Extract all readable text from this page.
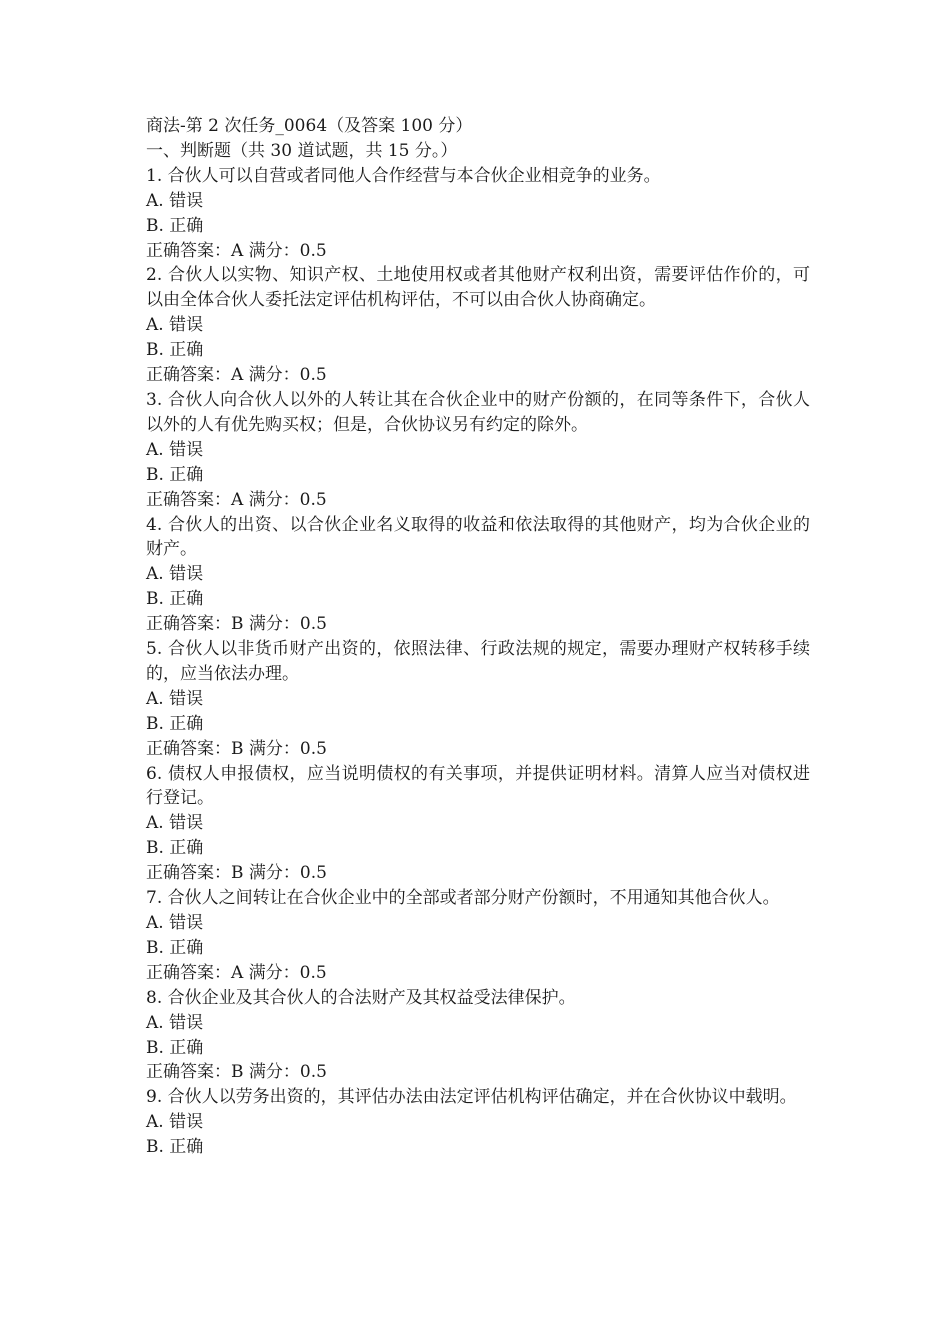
商法-第 2 次任务_0064（及答案 100 分）

一、判断题（共 30 道试题，共 15 分。）

1. 合伙人可以自营或者同他人合作经营与本合伙企业相竞争的业务。

A. 错误

B. 正确

正确答案：A 满分：0.5

2. 合伙人以实物、知识产权、土地使用权或者其他财产权利出资，需要评估作价的，可以由全体合伙人委托法定评估机构评估，不可以由合伙人协商确定。

A. 错误

B. 正确

正确答案：A 满分：0.5

3. 合伙人向合伙人以外的人转让其在合伙企业中的财产份额的，在同等条件下，合伙人以外的人有优先购买权；但是，合伙协议另有约定的除外。

A. 错误

B. 正确

正确答案：A 满分：0.5

4. 合伙人的出资、以合伙企业名义取得的收益和依法取得的其他财产，均为合伙企业的财产。

A. 错误

B. 正确

正确答案：B 满分：0.5

5. 合伙人以非货币财产出资的，依照法律、行政法规的规定，需要办理财产权转移手续的，应当依法办理。

A. 错误

B. 正确

正确答案：B 满分：0.5

6. 债权人申报债权，应当说明债权的有关事项，并提供证明材料。清算人应当对债权进行登记。

A. 错误

B. 正确

正确答案：B 满分：0.5

7. 合伙人之间转让在合伙企业中的全部或者部分财产份额时，不用通知其他合伙人。

A. 错误

B. 正确

正确答案：A 满分：0.5

8. 合伙企业及其合伙人的合法财产及其权益受法律保护。

A. 错误

B. 正确

正确答案：B 满分：0.5

9. 合伙人以劳务出资的，其评估办法由法定评估机构评估确定，并在合伙协议中载明。

A. 错误

B. 正确
